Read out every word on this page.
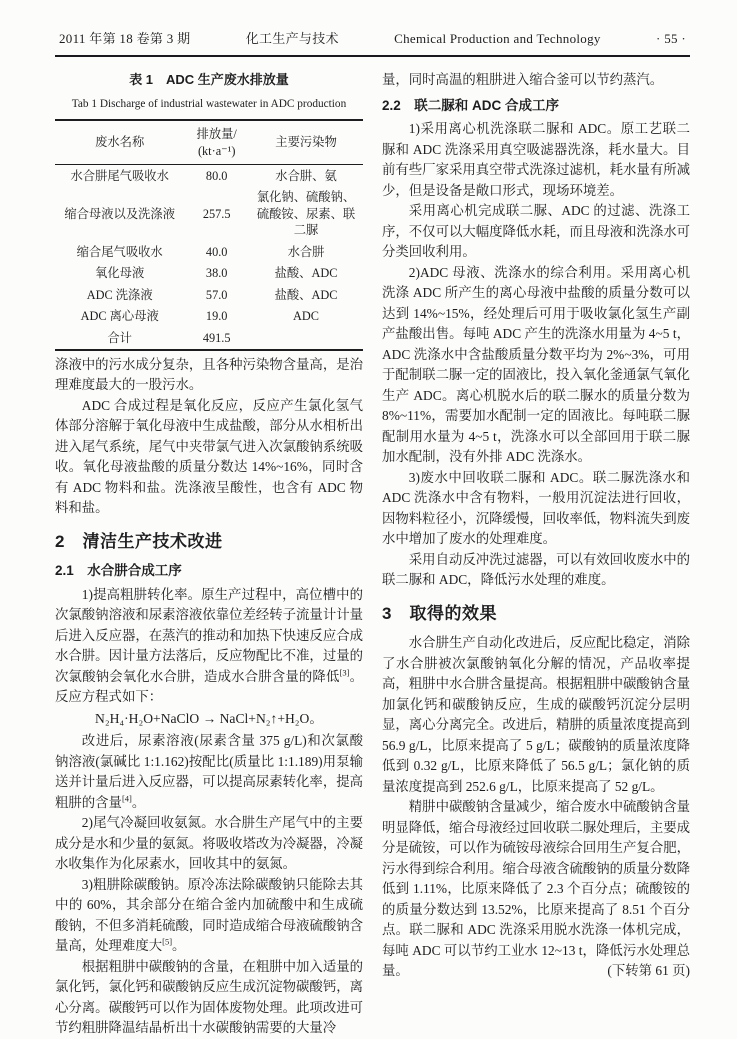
2011 年第 18 卷第 3 期	化工生产与技术	Chemical Production and Technology	· 55 ·
表 1　ADC 生产废水排放量
Tab 1 Discharge of industrial wastewater in ADC production
废水名称	排放量/
(kt·a⁻¹)	主要污染物
水合肼尾气吸收水	80.0	水合肼、氨
缩合母液以及洗涤液	257.5	氯化钠、硫酸钠、硫酸铵、尿素、联二脲
缩合尾气吸收水	40.0	水合肼
氧化母液	38.0	盐酸、ADC
ADC 洗涤液	57.0	盐酸、ADC
ADC 离心母液	19.0	ADC
合计	491.5	

涤液中的污水成分复杂，且各种污染物含量高，是治理难度最大的一股污水。

ADC 合成过程是氧化反应，反应产生氯化氢气体部分溶解于氧化母液中生成盐酸，部分从水相析出进入尾气系统，尾气中夹带氯气进入次氯酸钠系统吸收。氧化母液盐酸的质量分数达 14%~16%，同时含有 ADC 物料和盐。洗涤液呈酸性，也含有 ADC 物料和盐。

2　清洁生产技术改进
2.1　水合肼合成工序

1)提高粗肼转化率。原生产过程中，高位槽中的次氯酸钠溶液和尿素溶液依靠位差经转子流量计计量后进入反应器，在蒸汽的推动和加热下快速反应合成水合肼。因计量方法落后，反应物配比不准，过量的次氯酸钠会氧化水合肼，造成水合肼含量的降低[3]。反应方程式如下：

N₂H₄·H₂O+NaClO → NaCl+N₂↑+H₂O。

改进后，尿素溶液(尿素含量 375 g/L)和次氯酸钠溶液(氯碱比 1:1.162)按配比(质量比 1:1.189)用泵输送并计量后进入反应器，可以提高尿素转化率，提高粗肼的含量[4]。

2)尾气冷凝回收氨氮。水合肼生产尾气中的主要成分是水和少量的氨氮。将吸收塔改为冷凝器，冷凝水收集作为化尿素水，回收其中的氨氮。

3)粗肼除碳酸钠。原冷冻法除碳酸钠只能除去其中的 60%，其余部分在缩合釜内加硫酸中和生成硫酸钠，不但多消耗硫酸，同时造成缩合母液硫酸钠含量高，处理难度大[5]。

根据粗肼中碳酸钠的含量，在粗肼中加入适量的氯化钙，氯化钙和碳酸钠反应生成沉淀物碳酸钙，离心分离。碳酸钙可以作为固体废物处理。此项改进可节约粗肼降温结晶析出十水碳酸钠需要的大量冷

量，同时高温的粗肼进入缩合釜可以节约蒸汽。

2.2　联二脲和 ADC 合成工序

1)采用离心机洗涤联二脲和 ADC。原工艺联二脲和 ADC 洗涤采用真空吸滤器洗涤，耗水量大。目前有些厂家采用真空带式洗涤过滤机，耗水量有所减少，但是设备是敞口形式，现场环境差。

采用离心机完成联二脲、ADC 的过滤、洗涤工序，不仅可以大幅度降低水耗，而且母液和洗涤水可分类回收利用。

2)ADC 母液、洗涤水的综合利用。采用离心机洗涤 ADC 所产生的离心母液中盐酸的质量分数可以达到 14%~15%，经处理后可用于吸收氯化氢生产副产盐酸出售。每吨 ADC 产生的洗涤水用量为 4~5 t，ADC 洗涤水中含盐酸质量分数平均为 2%~3%，可用于配制联二脲一定的固液比，投入氧化釜通氯气氧化生产 ADC。离心机脱水后的联二脲水的质量分数为 8%~11%，需要加水配制一定的固液比。每吨联二脲配制用水量为 4~5 t，洗涤水可以全部回用于联二脲加水配制，没有外排 ADC 洗涤水。

3)废水中回收联二脲和 ADC。联二脲洗涤水和 ADC 洗涤水中含有物料，一般用沉淀法进行回收，因物料粒径小，沉降缓慢，回收率低，物料流失到废水中增加了废水的处理难度。

采用自动反冲洗过滤器，可以有效回收废水中的联二脲和 ADC，降低污水处理的难度。

3　取得的效果

水合肼生产自动化改进后，反应配比稳定，消除了水合肼被次氯酸钠氧化分解的情况，产品收率提高，粗肼中水合肼含量提高。根据粗肼中碳酸钠含量加氯化钙和碳酸钠反应，生成的碳酸钙沉淀分层明显，离心分离完全。改进后，精肼的质量浓度提高到 56.9 g/L，比原来提高了 5 g/L；碳酸钠的质量浓度降低到 0.32 g/L，比原来降低了 56.5 g/L；氯化钠的质量浓度提高到 252.6 g/L，比原来提高了 52 g/L。

精肼中碳酸钠含量减少，缩合废水中硫酸钠含量明显降低，缩合母液经过回收联二脲处理后，主要成分是硫铵，可以作为硫铵母液综合回用生产复合肥，污水得到综合利用。缩合母液含硫酸钠的质量分数降低到 1.11%，比原来降低了 2.3 个百分点；硫酸铵的的质量分数达到 13.52%，比原来提高了 8.51 个百分点。联二脲和 ADC 洗涤采用脱水洗涤一体机完成，每吨 ADC 可以节约工业水 12~13 t，降低污水处理总量。	(下转第 61 页)
